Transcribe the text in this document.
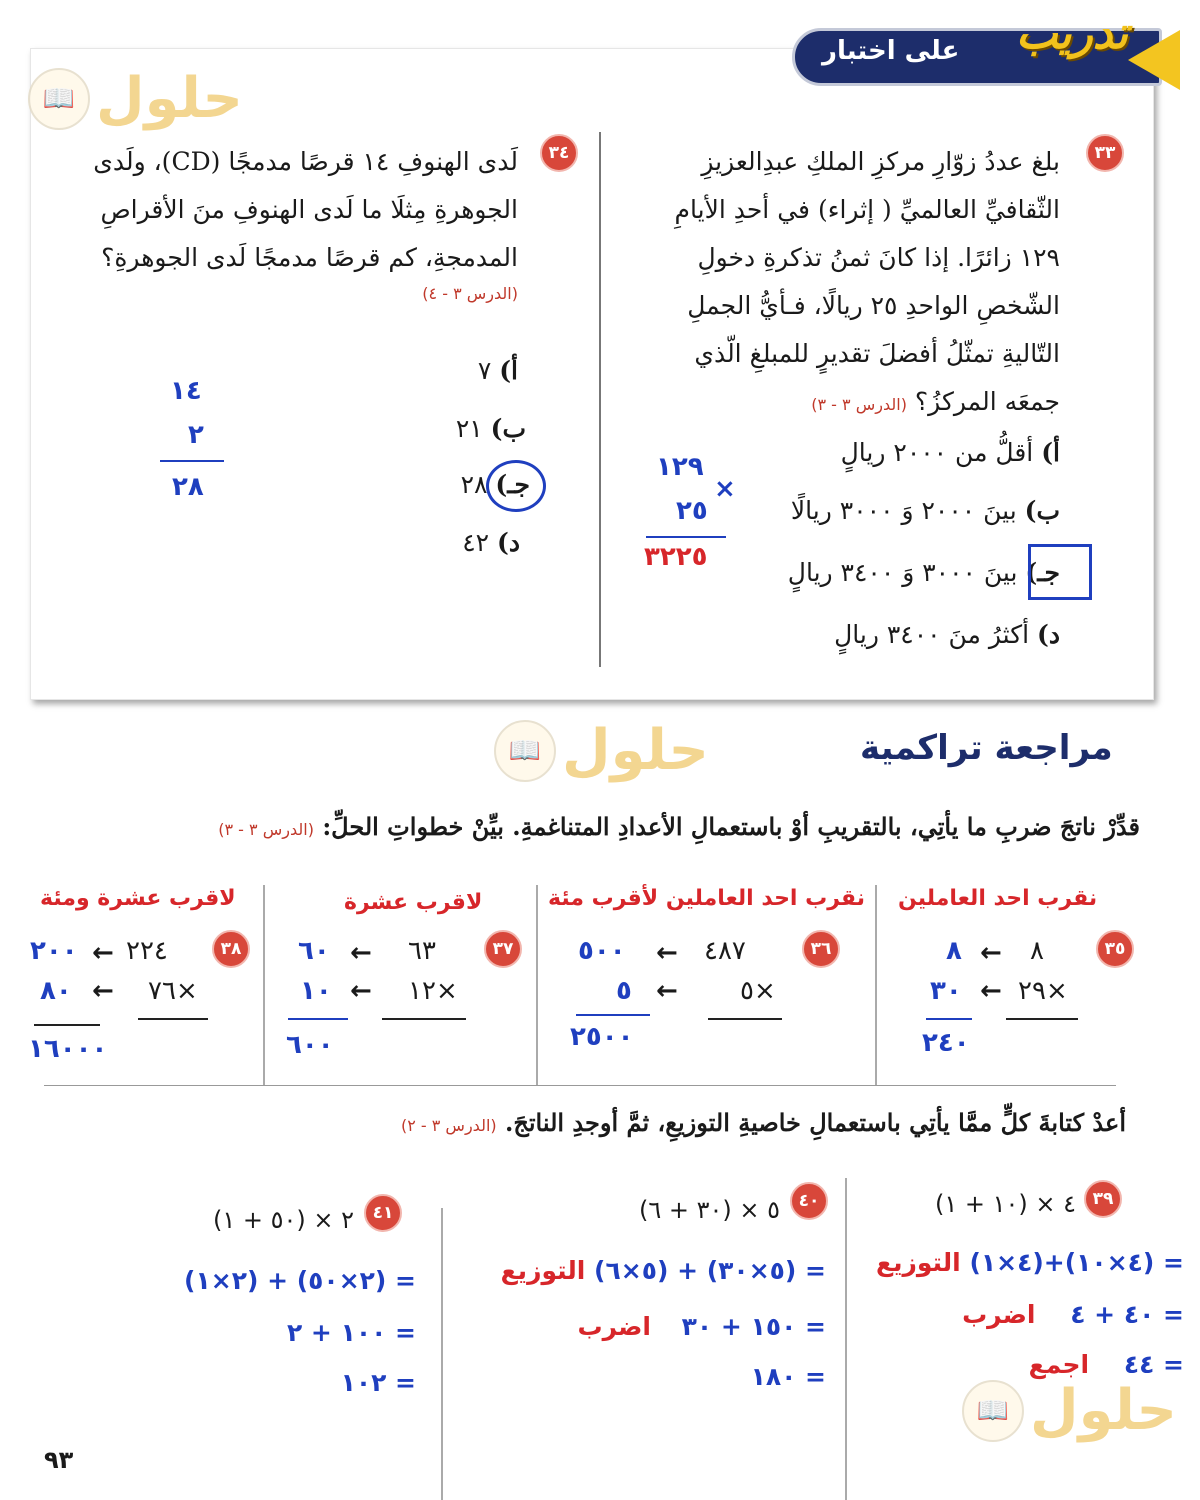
على اختبار تدريب
📖 حلول
📖 حلول
📖 حلول
٣٣
بلغ عددُ زوّارِ مركزِ الملكِ عبدِالعزيزِ
الثّقافيِّ العالميِّ ( إثراء) في أحدِ الأيامِ
١٢٩ زائرًا. إذا كانَ ثمنُ تذكرةِ دخولِ
الشّخصِ الواحدِ ٢٥ ريالًا، فـأيُّ الجملِ
التّاليةِ تمثّلُ أفضلَ تقديرٍ للمبلغِ الّذي
جمعَه المركزُ؟ (الدرس ٣ - ٣)
أ) أقلُّ من ٢٠٠٠ ريالٍ
ب) بينَ ٢٠٠٠ وَ ٣٠٠٠ ريالًا
جـ) بينَ ٣٠٠٠ وَ ٣٤٠٠ ريالٍ
د) أكثرُ منَ ٣٤٠٠ ريالٍ
١٢٩
×
٢٥
٣٢٢٥
٣٤
لَدى الهنوفِ ١٤ قرصًا مدمجًا (CD)، ولَدى
الجوهرةِ مِثلَا ما لَدى الهنوفِ منَ الأقراصِ
المدمجةِ، كم قرصًا مدمجًا لَدى الجوهرةِ؟
(الدرس ٣ - ٤)
أ) ٧
ب) ٢١
جـ) ٢٨
د) ٤٢
١٤
٢
٢٨
مراجعة تراكمية
قدِّرْ ناتجَ ضربِ ما يأتِي، بالتقريبِ أوْ باستعمالِ الأعدادِ المتناغمةِ. بيِّنْ خطواتِ الحلِّ: (الدرس ٣ - ٣)
نقرب احد العاملين
٣٥
٨
←
٨
٢٩×
←
٣٠
٢٤٠
نقرب احد العاملين لأقرب مئة
٣٦
٤٨٧
←
٥٠٠
٥×
←
٥
٢٥٠٠
لاقرب عشرة
٣٧
٦٣
←
٦٠
١٢×
←
١٠
٦٠٠
لاقرب عشرة ومئة
٣٨
٢٢٤
←
٢٠٠
٧٦×
←
٨٠
١٦٠٠٠
أعدْ كتابةَ كلٍّ ممَّا يأتِي باستعمالِ خاصيةِ التوزيعِ، ثمَّ أوجدِ الناتجَ. (الدرس ٣ - ٢)
٣٩
٤ × (١٠ + ١)
= (٤×١٠)+(٤×١) التوزيع
= ٤٠ + ٤ اضرب
= ٤٤ اجمع
٤٠
٥ × (٣٠ + ٦)
= (٥×٣٠) + (٥×٦) التوزيع
= ١٥٠ + ٣٠ اضرب
= ١٨٠
٤١
٢ × (٥٠ + ١)
= (٢×٥٠) + (٢×١)
= ١٠٠ + ٢
= ١٠٢
٩٣
